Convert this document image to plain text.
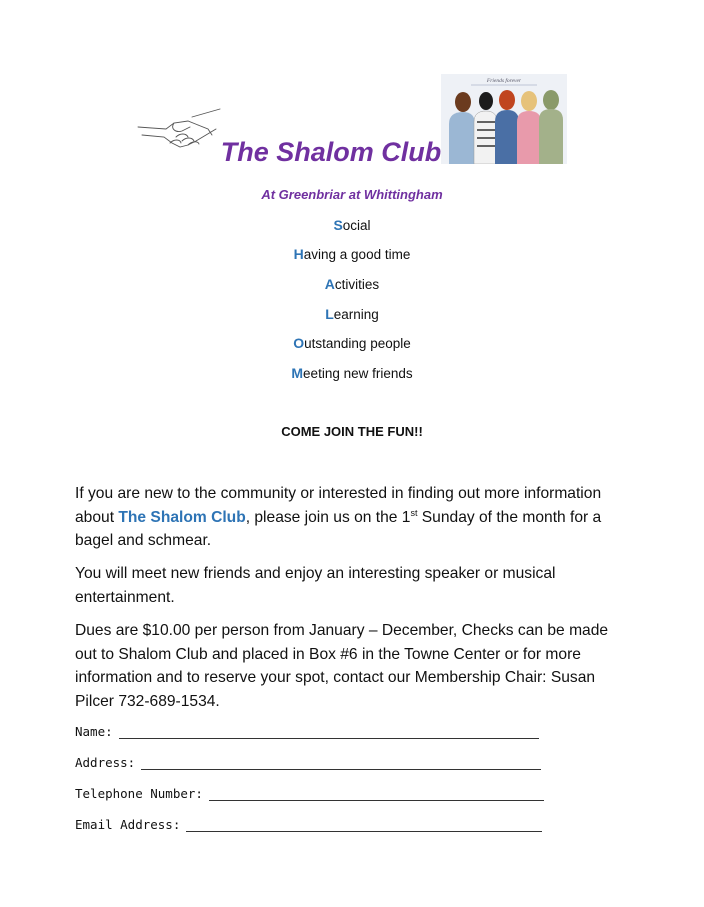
Friends forever
The Shalom Club
At Greenbriar at Whittingham
Social
Having a good time
Activities
Learning
Outstanding people
Meeting new friends
COME JOIN THE FUN!!
If you are new to the community or interested in finding out more information about The Shalom Club, please join us on the 1st Sunday of the month for a bagel and schmear.
You will meet new friends and enjoy an interesting speaker or musical entertainment.
Dues are $10.00 per person from January – December, Checks can be made out to Shalom Club and placed in Box #6 in the Towne Center or for more information and to reserve your spot, contact our Membership Chair: Susan Pilcer 732-689-1534.
Name:
Address:
Telephone Number:
Email Address:
